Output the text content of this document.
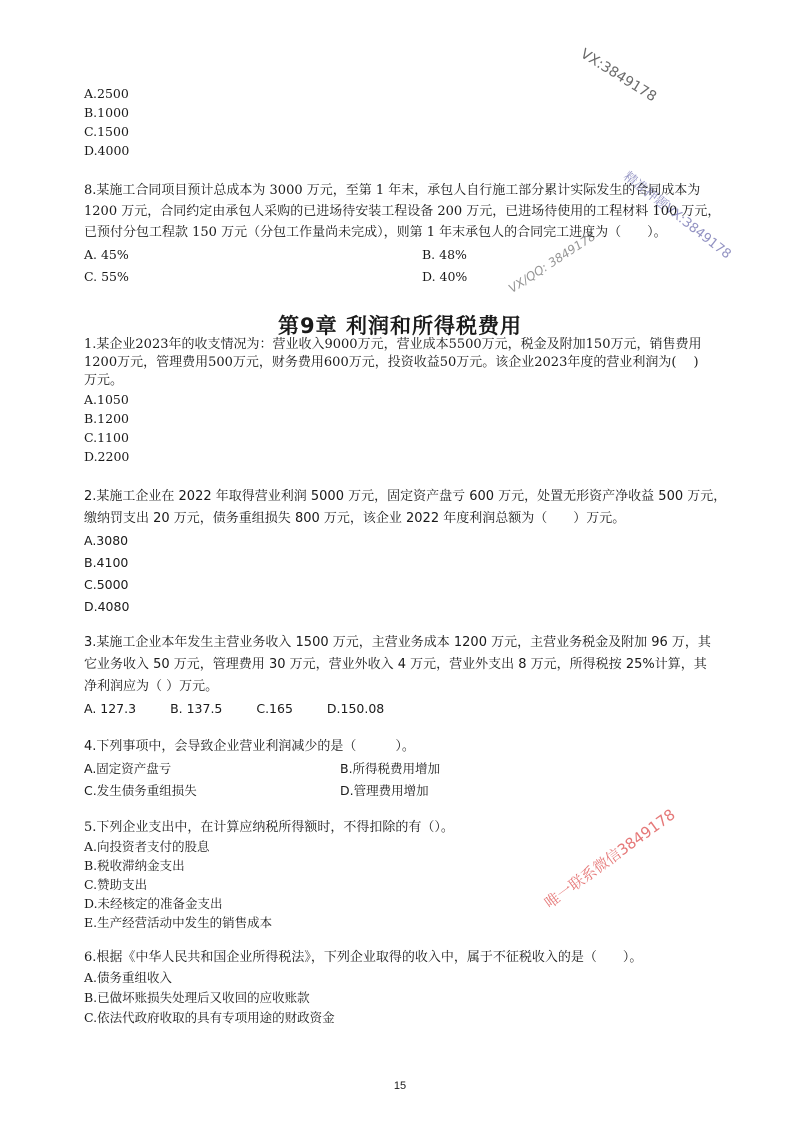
VX:3849178
精准押题VX:3849178
VX/QQ: 3849178
唯一联系微信3849178
A.2500
B.1000
C.1500
D.4000
8.某施工合同项目预计总成本为 3000 万元，至第 1 年末，承包人自行施工部分累计实际发生的合同成本为
1200 万元，合同约定由承包人采购的已进场待安装工程设备 200 万元，已进场待使用的工程材料 100 万元，
已预付分包工程款 150 万元（分包工作量尚未完成），则第 1 年末承包人的合同完工进度为（　　）。
A. 45%	B. 48%
C. 55%	D. 40%
第9章 利润和所得税费用
1.某企业2023年的收支情况为：营业收入9000万元，营业成本5500万元，税金及附加150万元，销售费用
1200万元，管理费用500万元，财务费用600万元，投资收益50万元。该企业2023年度的营业利润为(　 )
万元。
A.1050
B.1200
C.1100
D.2200
2.某施工企业在 2022 年取得营业利润 5000 万元，固定资产盘亏 600 万元，处置无形资产净收益 500 万元，
缴纳罚支出 20 万元，债务重组损失 800 万元，该企业 2022 年度利润总额为（　　）万元。
A.3080
B.4100
C.5000
D.4080
3.某施工企业本年发生主营业务收入 1500 万元，主营业务成本 1200 万元，主营业务税金及附加 96 万，其
它业务收入 50 万元，管理费用 30 万元，营业外收入 4 万元，营业外支出 8 万元，所得税按 25%计算，其
净利润应为（ ）万元。
A. 127.3	B. 137.5	C.165	D.150.08
4.下列事项中，会导致企业营业利润减少的是（　　　）。
A.固定资产盘亏	B.所得税费用增加
C.发生债务重组损失	D.管理费用增加
5.下列企业支出中，在计算应纳税所得额时，不得扣除的有（）。
A.向投资者支付的股息
B.税收滞纳金支出
C.赞助支出
D.未经核定的准备金支出
E.生产经营活动中发生的销售成本
6.根据《中华人民共和国企业所得税法》，下列企业取得的收入中，属于不征税收入的是（　　）。
A.债务重组收入
B.已做坏账损失处理后又收回的应收账款
C.依法代政府收取的具有专项用途的财政资金
15
